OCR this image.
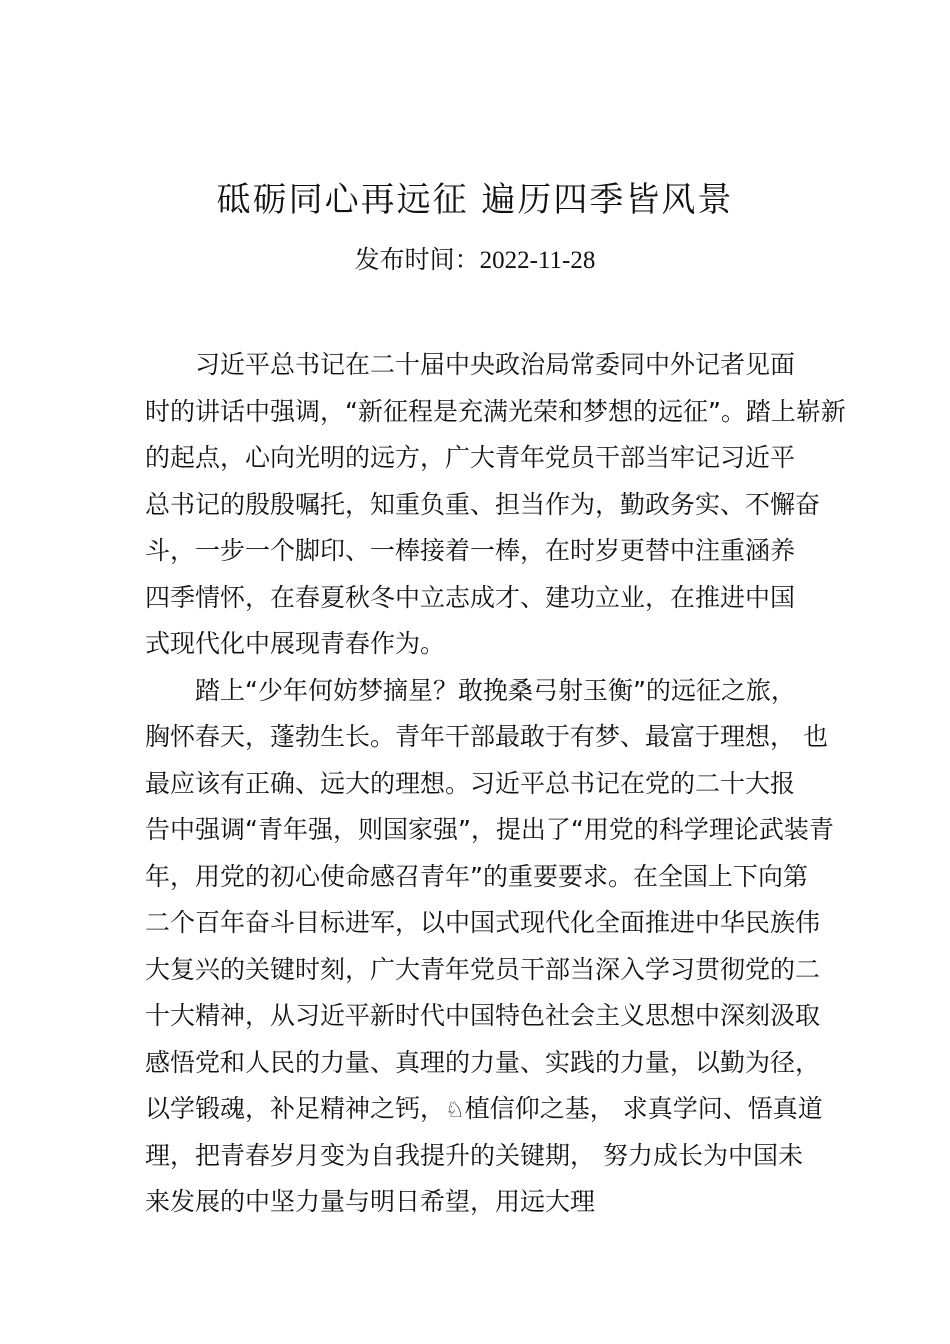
砥砺同心再远征 遍历四季皆风景
发布时间：2022-11-28
习近平总书记在二十届中央政治局常委同中外记者见面
时的讲话中强调，“新征程是充满光荣和梦想的远征”。踏上崭新
的起点，心向光明的远方，广大青年党员干部当牢记习近平
总书记的殷殷嘱托，知重负重、担当作为，勤政务实、不懈奋
斗，一步一个脚印、一棒接着一棒，在时岁更替中注重涵养
四季情怀，在春夏秋冬中立志成才、建功立业，在推进中国
式现代化中展现青春作为。
踏上“少年何妨梦摘星？敢挽桑弓射玉衡”的远征之旅，
胸怀春天，蓬勃生长。青年干部最敢于有梦、最富于理想， 也
最应该有正确、远大的理想。习近平总书记在党的二十大报
告中强调“青年强，则国家强”，提出了“用党的科学理论武装青
年，用党的初心使命感召青年”的重要要求。在全国上下向第
二个百年奋斗目标进军，以中国式现代化全面推进中华民族伟
大复兴的关键时刻，广大青年党员干部当深入学习贯彻党的二
十大精神，从习近平新时代中国特色社会主义思想中深刻汲取
感悟党和人民的力量、真理的力量、实践的力量，以勤为径，
以学锻魂，补足精神之钙，♘植信仰之基， 求真学问、悟真道
理，把青春岁月变为自我提升的关键期， 努力成长为中国未
来发展的中坚力量与明日希望，用远大理
